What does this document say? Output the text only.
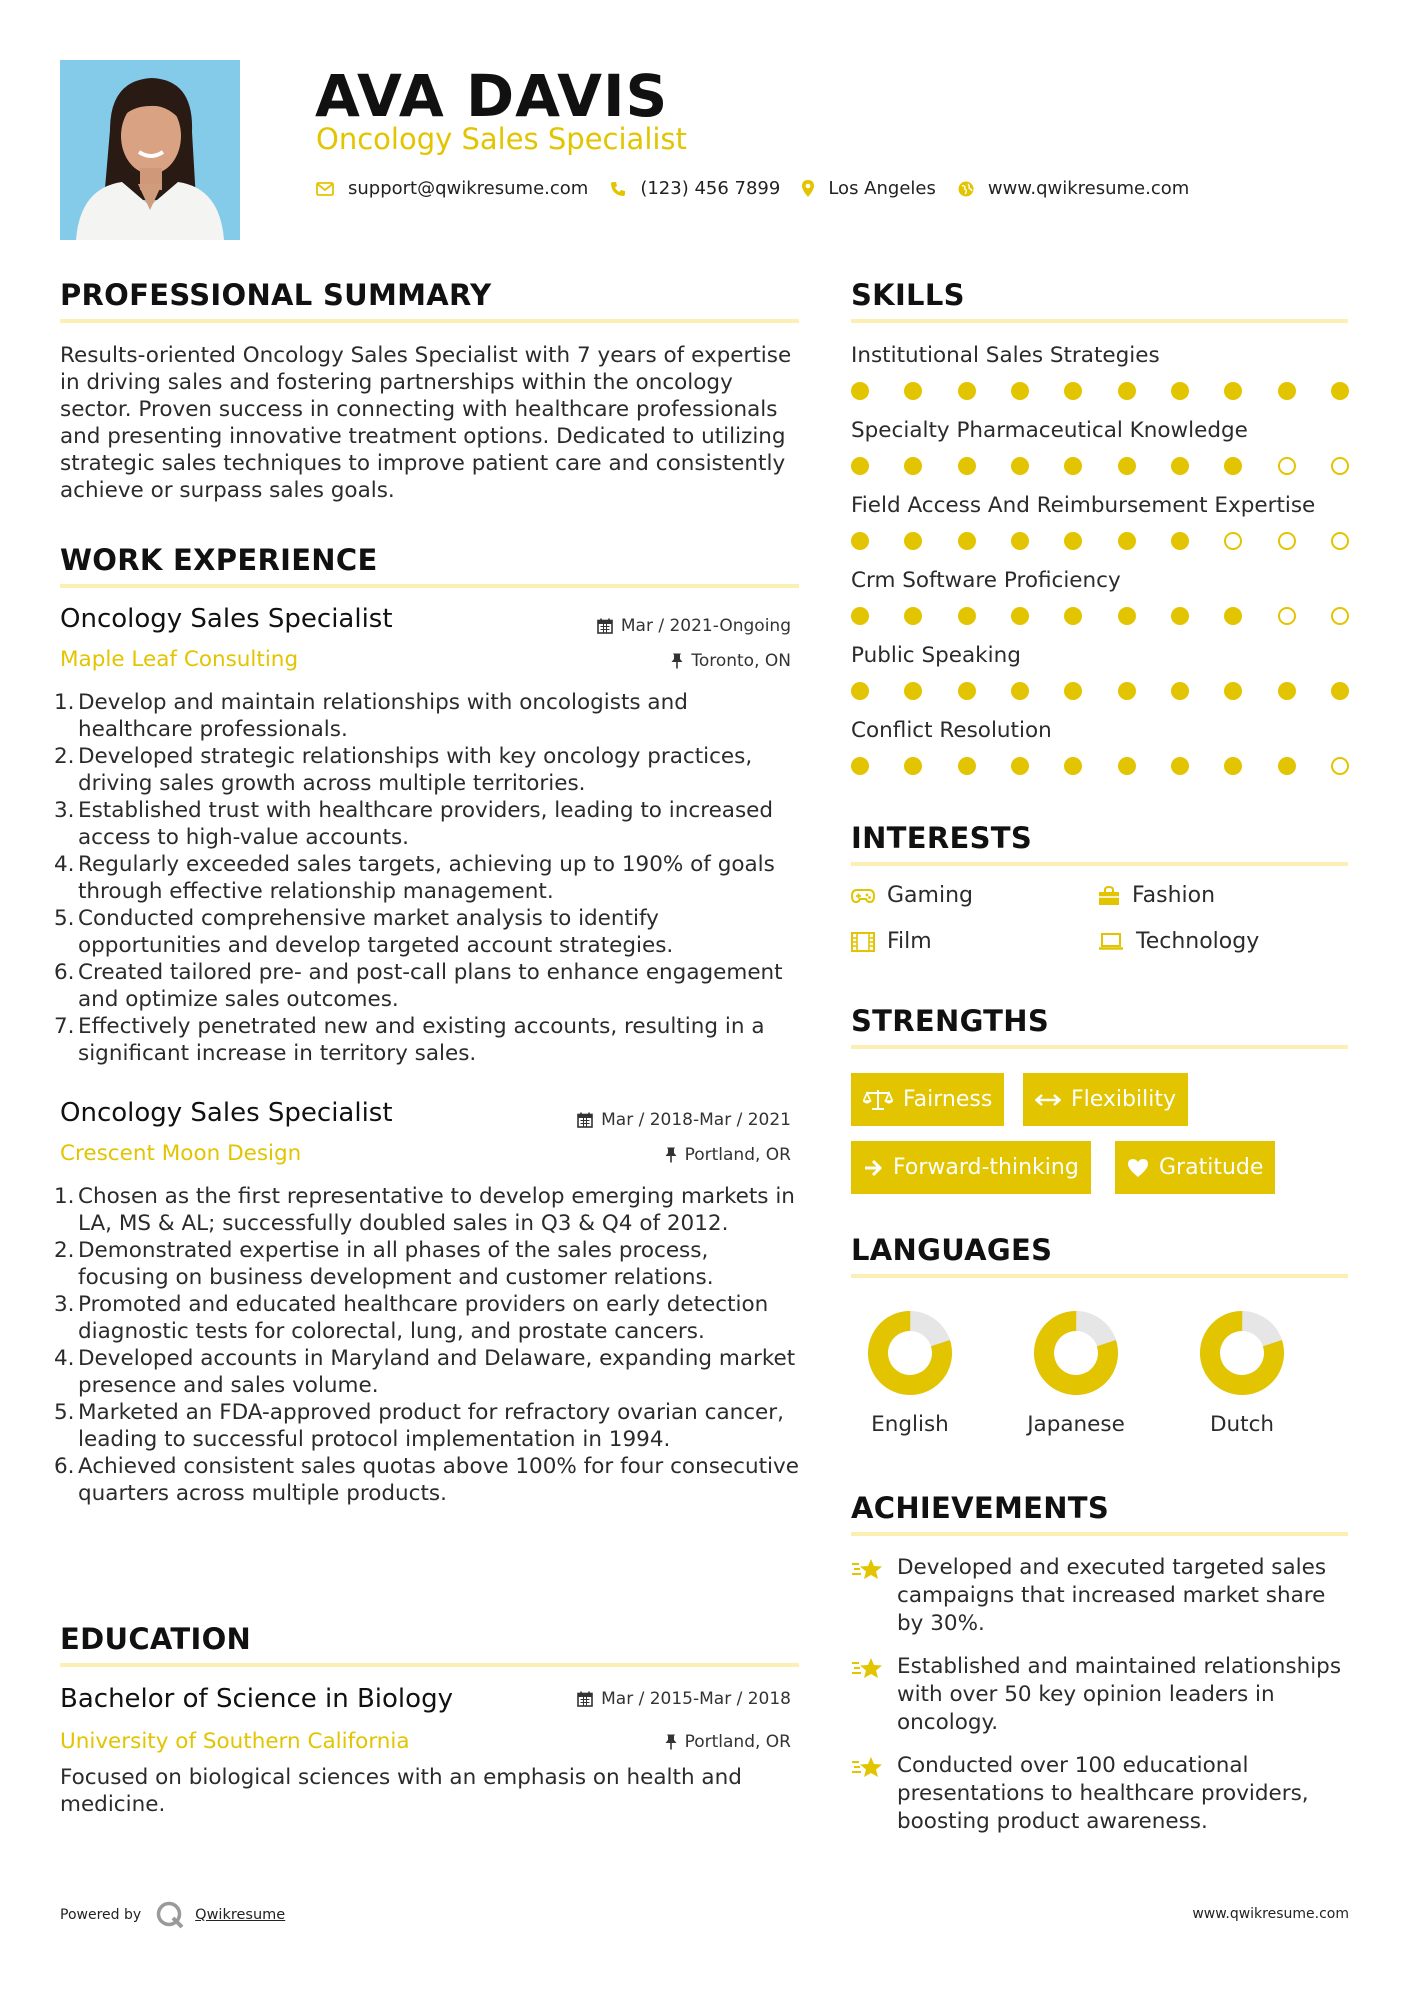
AVA DAVIS
Oncology Sales Specialist
support@qwikresume.com	(123) 456 7899	Los Angeles	www.qwikresume.com
PROFESSIONAL SUMMARY
Results-oriented Oncology Sales Specialist with 7 years of expertise in driving sales and fostering partnerships within the oncology sector. Proven success in connecting with healthcare professionals and presenting innovative treatment options. Dedicated to utilizing strategic sales techniques to improve patient care and consistently achieve or surpass sales goals.
WORK EXPERIENCE
Oncology Sales Specialist	Mar / 2021-Ongoing
Maple Leaf Consulting	Toronto, ON
1. Develop and maintain relationships with oncologists and healthcare professionals.
2. Developed strategic relationships with key oncology practices, driving sales growth across multiple territories.
3. Established trust with healthcare providers, leading to increased access to high-value accounts.
4. Regularly exceeded sales targets, achieving up to 190% of goals through effective relationship management.
5. Conducted comprehensive market analysis to identify opportunities and develop targeted account strategies.
6. Created tailored pre- and post-call plans to enhance engagement and optimize sales outcomes.
7. Effectively penetrated new and existing accounts, resulting in a significant increase in territory sales.
Oncology Sales Specialist	Mar / 2018-Mar / 2021
Crescent Moon Design	Portland, OR
1. Chosen as the first representative to develop emerging markets in LA, MS & AL; successfully doubled sales in Q3 & Q4 of 2012.
2. Demonstrated expertise in all phases of the sales process, focusing on business development and customer relations.
3. Promoted and educated healthcare providers on early detection diagnostic tests for colorectal, lung, and prostate cancers.
4. Developed accounts in Maryland and Delaware, expanding market presence and sales volume.
5. Marketed an FDA-approved product for refractory ovarian cancer, leading to successful protocol implementation in 1994.
6. Achieved consistent sales quotas above 100% for four consecutive quarters across multiple products.
EDUCATION
Bachelor of Science in Biology	Mar / 2015-Mar / 2018
University of Southern California	Portland, OR
Focused on biological sciences with an emphasis on health and medicine.
SKILLS
Institutional Sales Strategies
Specialty Pharmaceutical Knowledge
Field Access And Reimbursement Expertise
Crm Software Proficiency
Public Speaking
Conflict Resolution
INTERESTS
Gaming	Fashion
Film	Technology
STRENGTHS
Fairness	Flexibility
Forward-thinking	Gratitude
LANGUAGES
English	Japanese	Dutch
ACHIEVEMENTS
Developed and executed targeted sales campaigns that increased market share by 30%.
Established and maintained relationships with over 50 key opinion leaders in oncology.
Conducted over 100 educational presentations to healthcare providers, boosting product awareness.
Powered by	Qwikresume	www.qwikresume.com
